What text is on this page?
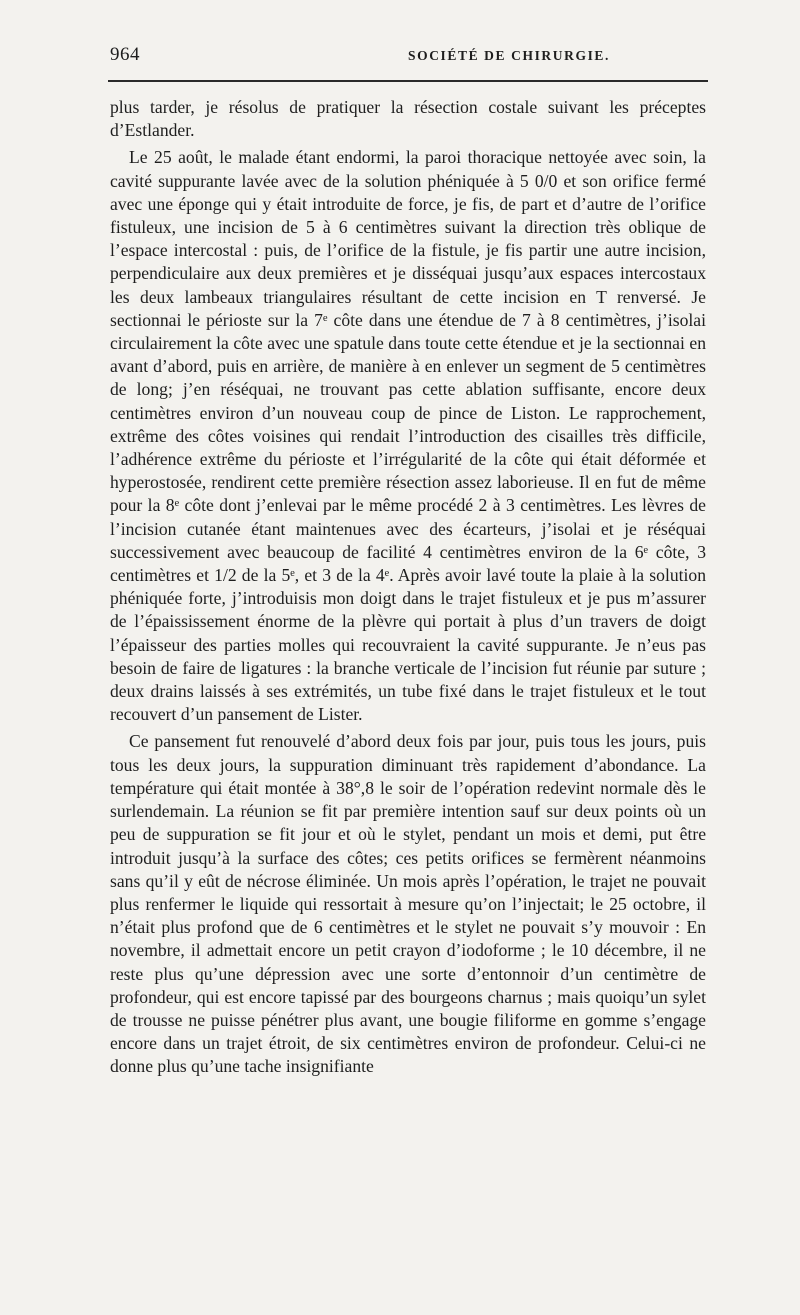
964	SOCIÉTÉ DE CHIRURGIE.

plus tarder, je résolus de pratiquer la résection costale suivant les préceptes d’Estlander.

Le 25 août, le malade étant endormi, la paroi thoracique nettoyée avec soin, la cavité suppurante lavée avec de la solution phéniquée à 5 0/0 et son orifice fermé avec une éponge qui y était introduite de force, je fis, de part et d’autre de l’orifice fistuleux, une incision de 5 à 6 centimètres suivant la direction très oblique de l’espace intercostal : puis, de l’orifice de la fistule, je fis partir une autre incision, perpendiculaire aux deux premières et je disséquai jusqu’aux espaces intercostaux les deux lambeaux triangulaires résultant de cette incision en T renversé. Je sectionnai le périoste sur la 7ᵉ côte dans une étendue de 7 à 8 centimètres, j’isolai circulairement la côte avec une spatule dans toute cette étendue et je la sectionnai en avant d’abord, puis en arrière, de manière à en enlever un segment de 5 centimètres de long; j’en réséquai, ne trouvant pas cette ablation suffisante, encore deux centimètres environ d’un nouveau coup de pince de Liston. Le rapprochement, extrême des côtes voisines qui rendait l’introduction des cisailles très difficile, l’adhérence extrême du périoste et l’irrégularité de la côte qui était déformée et hyperostosée, rendirent cette première résection assez laborieuse. Il en fut de même pour la 8ᵉ côte dont j’enlevai par le même procédé 2 à 3 centimètres. Les lèvres de l’incision cutanée étant maintenues avec des écarteurs, j’isolai et je réséquai successivement avec beaucoup de facilité 4 centimètres environ de la 6ᵉ côte, 3 centimètres et 1/2 de la 5ᵉ, et 3 de la 4ᵉ. Après avoir lavé toute la plaie à la solution phéniquée forte, j’introduisis mon doigt dans le trajet fistuleux et je pus m’assurer de l’épaississement énorme de la plèvre qui portait à plus d’un travers de doigt l’épaisseur des parties molles qui recouvraient la cavité suppurante. Je n’eus pas besoin de faire de ligatures : la branche verticale de l’incision fut réunie par suture ; deux drains laissés à ses extrémités, un tube fixé dans le trajet fistuleux et le tout recouvert d’un pansement de Lister.

Ce pansement fut renouvelé d’abord deux fois par jour, puis tous les jours, puis tous les deux jours, la suppuration diminuant très rapidement d’abondance. La température qui était montée à 38°,8 le soir de l’opération redevint normale dès le surlendemain. La réunion se fit par première intention sauf sur deux points où un peu de suppuration se fit jour et où le stylet, pendant un mois et demi, put être introduit jusqu’à la surface des côtes; ces petits orifices se fermèrent néanmoins sans qu’il y eût de nécrose éliminée. Un mois après l’opération, le trajet ne pouvait plus renfermer le liquide qui ressortait à mesure qu’on l’injectait; le 25 octobre, il n’était plus profond que de 6 centimètres et le stylet ne pouvait s’y mouvoir : En novembre, il admettait encore un petit crayon d’iodoforme ; le 10 décembre, il ne reste plus qu’une dépression avec une sorte d’entonnoir d’un centimètre de profondeur, qui est encore tapissé par des bourgeons charnus ; mais quoiqu’un sylet de trousse ne puisse pénétrer plus avant, une bougie filiforme en gomme s’engage encore dans un trajet étroit, de six centimètres environ de profondeur. Celui-ci ne donne plus qu’une tache insignifiante
